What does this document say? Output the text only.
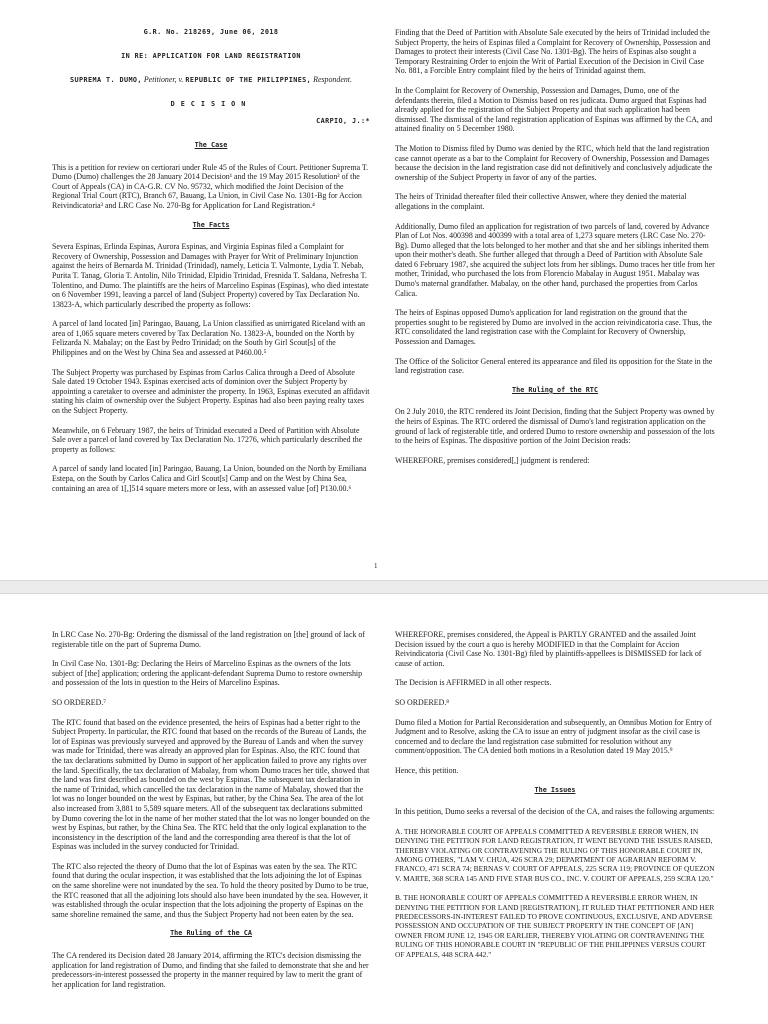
G.R. No. 218269, June 06, 2018
IN RE: APPLICATION FOR LAND REGISTRATION
SUPREMA T. DUMO, Petitioner, v. REPUBLIC OF THE PHILIPPINES, Respondent.
DECISION
CARPIO, J.:*
The Case

This is a petition for review on certiorari under Rule 45 of the Rules of Court. Petitioner Suprema T. Dumo (Dumo) challenges the 28 January 2014 Decision¹ and the 19 May 2015 Resolution² of the Court of Appeals (CA) in CA-G.R. CV No. 95732, which modified the Joint Decision of the Regional Trial Court (RTC), Branch 67, Bauang, La Union, in Civil Case No. 1301-Bg for Accion Reivindicatoria³ and LRC Case No. 270-Bg for Application for Land Registration.⁴

The Facts

Severa Espinas, Erlinda Espinas, Aurora Espinas, and Virginia Espinas filed a Complaint for Recovery of Ownership, Possession and Damages with Prayer for Writ of Preliminary Injunction against the heirs of Bernarda M. Trinidad (Trinidad), namely, Leticia T. Valmonte, Lydia T. Nebab, Purita T. Tanag, Gloria T. Antolin, Nilo Trinidad, Elpidio Trinidad, Fresnida T. Saldana, Nefresha T. Tolentino, and Dumo. The plaintiffs are the heirs of Marcelino Espinas (Espinas), who died intestate on 6 November 1991, leaving a parcel of land (Subject Property) covered by Tax Declaration No. 13823-A, which particularly described the property as follows:

A parcel of land located [in] Paringao, Bauang, La Union classified as unirrigated Riceland with an area of 1,065 square meters covered by Tax Declaration No. 13823-A, bounded on the North by Felizarda N. Mabalay; on the East by Pedro Trinidad; on the South by Girl Scout[s] of the Philippines and on the West by China Sea and assessed at P460.00.⁵

The Subject Property was purchased by Espinas from Carlos Calica through a Deed of Absolute Sale dated 19 October 1943. Espinas exercised acts of dominion over the Subject Property by appointing a caretaker to oversee and administer the property. In 1963, Espinas executed an affidavit stating his claim of ownership over the Subject Property. Espinas had also been paying realty taxes on the Subject Property.

Meanwhile, on 6 February 1987, the heirs of Trinidad executed a Deed of Partition with Absolute Sale over a parcel of land covered by Tax Declaration No. 17276, which particularly described the property as follows:

A parcel of sandy land located [in] Paringao, Bauang, La Union, bounded on the North by Emiliana Estepa, on the South by Carlos Calica and Girl Scout[s] Camp and on the West by China Sea, containing an area of 1[,]514 square meters more or less, with an assessed value [of] P130.00.⁶

Finding that the Deed of Partition with Absolute Sale executed by the heirs of Trinidad included the Subject Property, the heirs of Espinas filed a Complaint for Recovery of Ownership, Possession and Damages to protect their interests (Civil Case No. 1301-Bg). The heirs of Espinas also sought a Temporary Restraining Order to enjoin the Writ of Partial Execution of the Decision in Civil Case No. 881, a Forcible Entry complaint filed by the heirs of Trinidad against them.

In the Complaint for Recovery of Ownership, Possession and Damages, Dumo, one of the defendants therein, filed a Motion to Dismiss based on res judicata. Dumo argued that Espinas had already applied for the registration of the Subject Property and that such application had been dismissed. The dismissal of the land registration application of Espinas was affirmed by the CA, and attained finality on 5 December 1980.

The Motion to Dismiss filed by Dumo was denied by the RTC, which held that the land registration case cannot operate as a bar to the Complaint for Recovery of Ownership, Possession and Damages because the decision in the land registration case did not definitively and conclusively adjudicate the ownership of the Subject Property in favor of any of the parties.

The heirs of Trinidad thereafter filed their collective Answer, where they denied the material allegations in the complaint.

Additionally, Dumo filed an application for registration of two parcels of land, covered by Advance Plan of Lot Nos. 400398 and 400399 with a total area of 1,273 square meters (LRC Case No. 270-Bg). Dumo alleged that the lots belonged to her mother and that she and her siblings inherited them upon their mother's death. She further alleged that through a Deed of Partition with Absolute Sale dated 6 February 1987, she acquired the subject lots from her siblings. Dumo traces her title from her mother, Trinidad, who purchased the lots from Florencio Mabalay in August 1951. Mabalay was Dumo's maternal grandfather. Mabalay, on the other hand, purchased the properties from Carlos Calica.

The heirs of Espinas opposed Dumo's application for land registration on the ground that the properties sought to be registered by Dumo are involved in the accion reivindicatoria case. Thus, the RTC consolidated the land registration case with the Complaint for Recovery of Ownership, Possession and Damages.

The Office of the Solicitor General entered its appearance and filed its opposition for the State in the land registration case.

The Ruling of the RTC

On 2 July 2010, the RTC rendered its Joint Decision, finding that the Subject Property was owned by the heirs of Espinas. The RTC ordered the dismissal of Dumo's land registration application on the ground of lack of registerable title, and ordered Dumo to restore ownership and possession of the lots to the heirs of Espinas. The dispositive portion of the Joint Decision reads:

WHEREFORE, premises considered[,] judgment is rendered:

1

In LRC Case No. 270-Bg: Ordering the dismissal of the land registration on [the] ground of lack of registerable title on the part of Suprema Dumo.

In Civil Case No. 1301-Bg: Declaring the Heirs of Marcelino Espinas as the owners of the lots subject of [the] application; ordering the applicant-defendant Suprema Dumo to restore ownership and possession of the lots in question to the Heirs of Marcelino Espinas.

SO ORDERED.⁷

The RTC found that based on the evidence presented, the heirs of Espinas had a better right to the Subject Property. In particular, the RTC found that based on the records of the Bureau of Lands, the lot of Espinas was previously surveyed and approved by the Bureau of Lands and when the survey was made for Trinidad, there was already an approved plan for Espinas. Also, the RTC found that the tax declarations submitted by Dumo in support of her application failed to prove any rights over the land. Specifically, the tax declaration of Mabalay, from whom Dumo traces her title, showed that the land was first described as bounded on the west by Espinas. The subsequent tax declaration in the name of Trinidad, which cancelled the tax declaration in the name of Mabalay, showed that the lot was no longer bounded on the west by Espinas, but rather, by the China Sea. The area of the lot also increased from 3,881 to 5,589 square meters. All of the subsequent tax declarations submitted by Dumo covering the lot in the name of her mother stated that the lot was no longer bounded on the west by Espinas, but rather, by the China Sea. The RTC held that the only logical explanation to the inconsistency in the description of the land and the corresponding area thereof is that the lot of Espinas was included in the survey conducted for Trinidad.

The RTC also rejected the theory of Dumo that the lot of Espinas was eaten by the sea. The RTC found that during the ocular inspection, it was established that the lots adjoining the lot of Espinas on the same shoreline were not inundated by the sea. To hold the theory posited by Dumo to be true, the RTC reasoned that all the adjoining lots should also have been inundated by the sea. However, it was established through the ocular inspection that the lots adjoining the property of Espinas on the same shoreline remained the same, and thus the Subject Property had not been eaten by the sea.

The Ruling of the CA

The CA rendered its Decision dated 28 January 2014, affirming the RTC's decision dismissing the application for land registration of Dumo, and finding that she failed to demonstrate that she and her predecessors-in-interest possessed the property in the manner required by law to merit the grant of her application for land registration.

WHEREFORE, premises considered, the Appeal is PARTLY GRANTED and the assailed Joint Decision issued by the court a quo is hereby MODIFIED in that the Complaint for Accion Reivindicatoria (Civil Case No. 1301-Bg) filed by plaintiffs-appellees is DISMISSED for lack of cause of action.

The Decision is AFFIRMED in all other respects.

SO ORDERED.⁸

Dumo filed a Motion for Partial Reconsideration and subsequently, an Omnibus Motion for Entry of Judgment and to Resolve, asking the CA to issue an entry of judgment insofar as the civil case is concerned and to declare the land registration case submitted for resolution without any comment/opposition. The CA denied both motions in a Resolution dated 19 May 2015.⁹

Hence, this petition.

The Issues

In this petition, Dumo seeks a reversal of the decision of the CA, and raises the following arguments:

A. THE HONORABLE COURT OF APPEALS COMMITTED A REVERSIBLE ERROR WHEN, IN DENYING THE PETITION FOR LAND REGISTRATION, IT WENT BEYOND THE ISSUES RAISED, THEREBY VIOLATING OR CONTRAVENING THE RULING OF THIS HONORABLE COURT IN, AMONG OTHERS, "LAM V. CHUA, 426 SCRA 29; DEPARTMENT OF AGRARIAN REFORM V. FRANCO, 471 SCRA 74; BERNAS V. COURT OF APPEALS, 225 SCRA 119; PROVINCE OF QUEZON V. MARTE, 368 SCRA 145 AND FIVE STAR BUS CO., INC. V. COURT OF APPEALS, 259 SCRA 120."

B. THE HONORABLE COURT OF APPEALS COMMITTED A REVERSIBLE ERROR WHEN, IN DENYING THE PETITION FOR LAND [REGISTRATION], IT RULED THAT PETITIONER AND HER PREDECESSORS-IN-INTEREST FAILED TO PROVE CONTINUOUS, EXCLUSIVE, AND ADVERSE POSSESSION AND OCCUPATION OF THE SUBJECT PROPERTY IN THE CONCEPT OF [AN] OWNER FROM JUNE 12, 1945 OR EARLIER, THEREBY VIOLATING OR CONTRAVENING THE RULING OF THIS HONORABLE COURT IN "REPUBLIC OF THE PHILIPPINES VERSUS COURT OF APPEALS, 448 SCRA 442."
